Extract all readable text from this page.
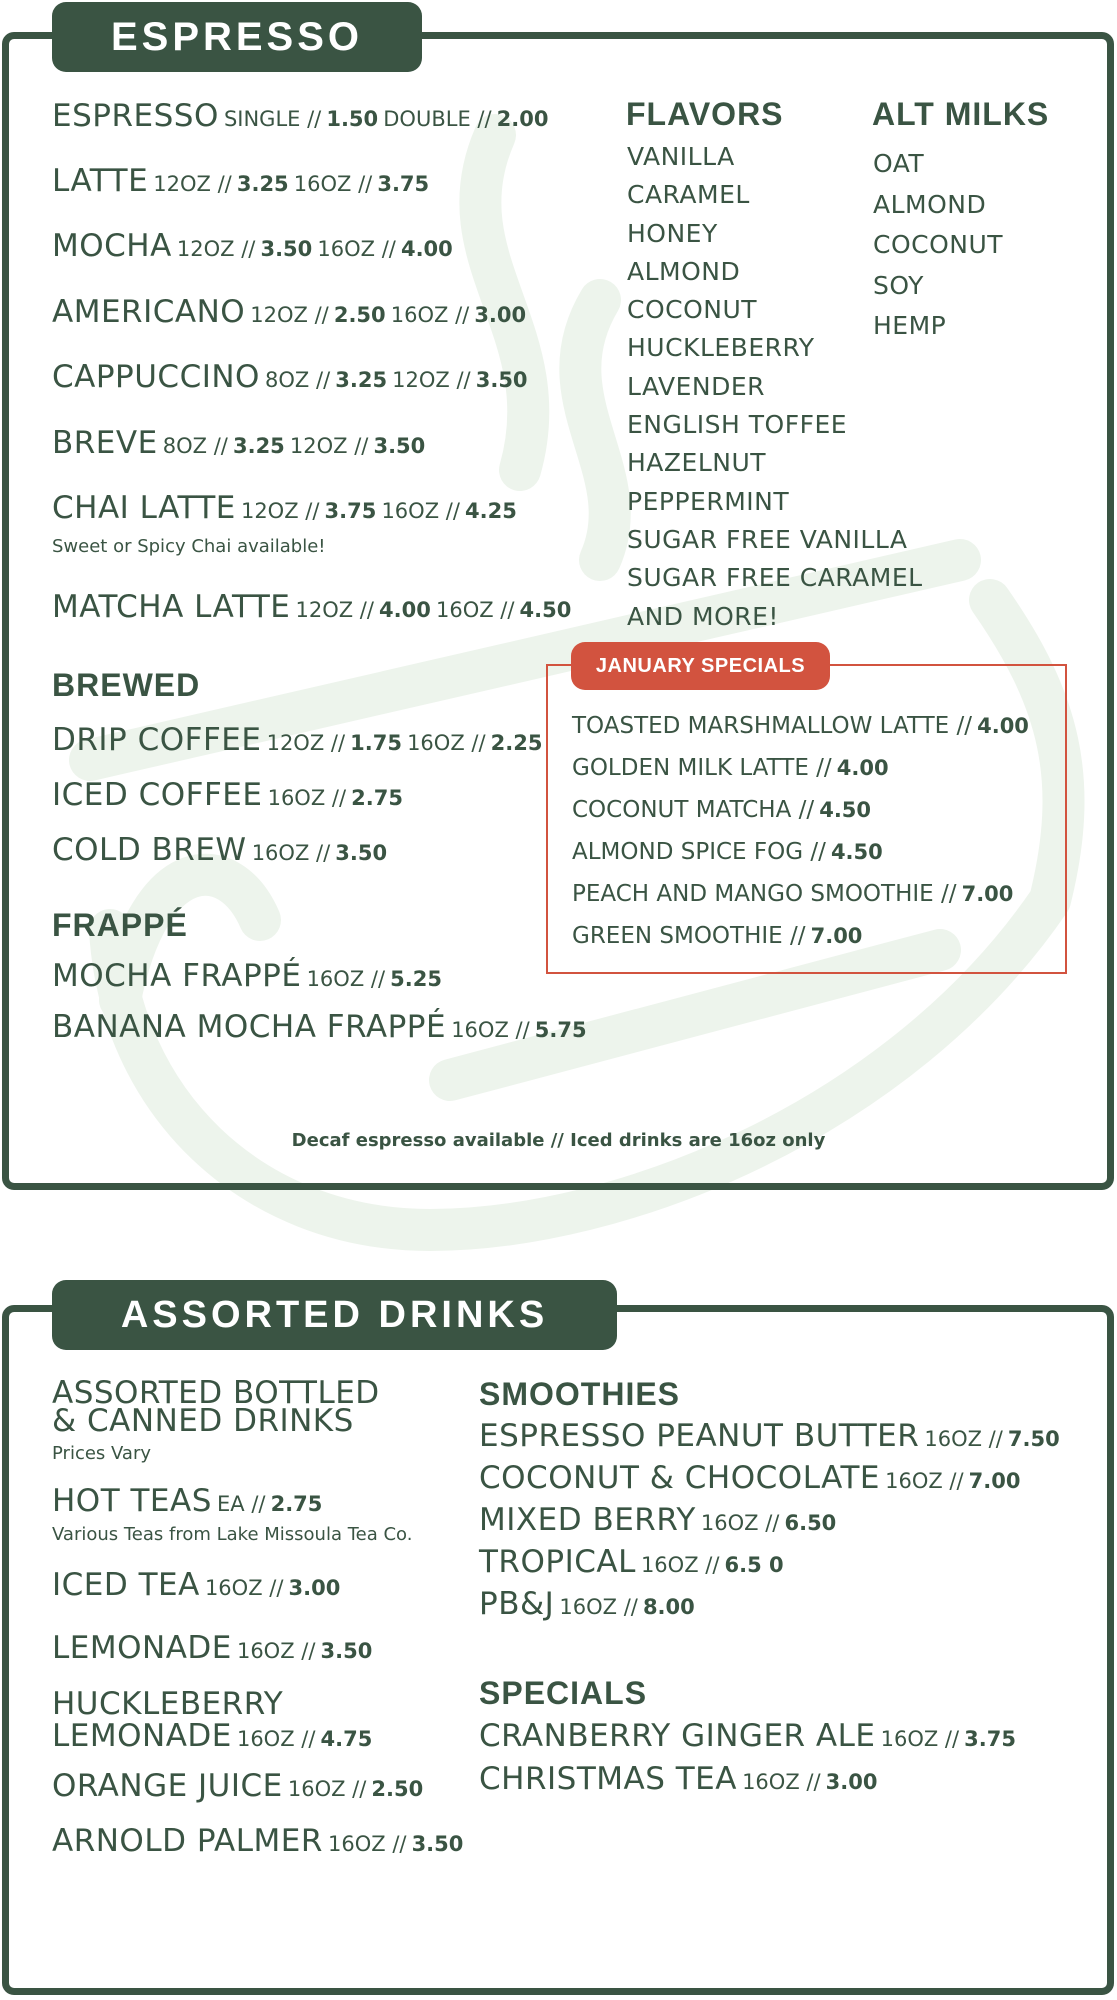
ESPRESSO
ESPRESSO SINGLE // 1.50 DOUBLE // 2.00
LATTE 12OZ // 3.25 16OZ // 3.75
MOCHA 12OZ // 3.50 16OZ // 4.00
AMERICANO 12OZ // 2.50 16OZ // 3.00
CAPPUCCINO 8OZ // 3.25 12OZ // 3.50
BREVE 8OZ // 3.25 12OZ // 3.50
CHAI LATTE 12OZ // 3.75 16OZ // 4.25
Sweet or Spicy Chai available!
MATCHA LATTE 12OZ // 4.00 16OZ // 4.50
FLAVORS
VANILLA
CARAMEL
HONEY
ALMOND
COCONUT
HUCKLEBERRY
LAVENDER
ENGLISH TOFFEE
HAZELNUT
PEPPERMINT
SUGAR FREE VANILLA
SUGAR FREE CARAMEL
AND MORE!
ALT MILKS
OAT
ALMOND
COCONUT
SOY
HEMP
BREWED
DRIP COFFEE 12OZ // 1.75 16OZ // 2.25
ICED COFFEE 16OZ // 2.75
COLD BREW 16OZ // 3.50
FRAPPÉ
MOCHA FRAPPÉ 16OZ // 5.25
BANANA MOCHA FRAPPÉ 16OZ // 5.75
JANUARY SPECIALS
TOASTED MARSHMALLOW LATTE // 4.00
GOLDEN MILK LATTE // 4.00
COCONUT MATCHA // 4.50
ALMOND SPICE FOG // 4.50
PEACH AND MANGO SMOOTHIE // 7.00
GREEN SMOOTHIE // 7.00
Decaf espresso available // Iced drinks are 16oz only
ASSORTED DRINKS
ASSORTED BOTTLED
& CANNED DRINKS
Prices Vary
HOT TEAS EA // 2.75
Various Teas from Lake Missoula Tea Co.
ICED TEA 16OZ // 3.00
LEMONADE 16OZ // 3.50
HUCKLEBERRY
LEMONADE 16OZ // 4.75
ORANGE JUICE 16OZ // 2.50
ARNOLD PALMER 16OZ // 3.50
SMOOTHIES
ESPRESSO PEANUT BUTTER 16OZ // 7.50
COCONUT & CHOCOLATE 16OZ // 7.00
MIXED BERRY 16OZ // 6.50
TROPICAL 16OZ // 6.5 0
PB&J 16OZ // 8.00
SPECIALS
CRANBERRY GINGER ALE 16OZ // 3.75
CHRISTMAS TEA 16OZ // 3.00
